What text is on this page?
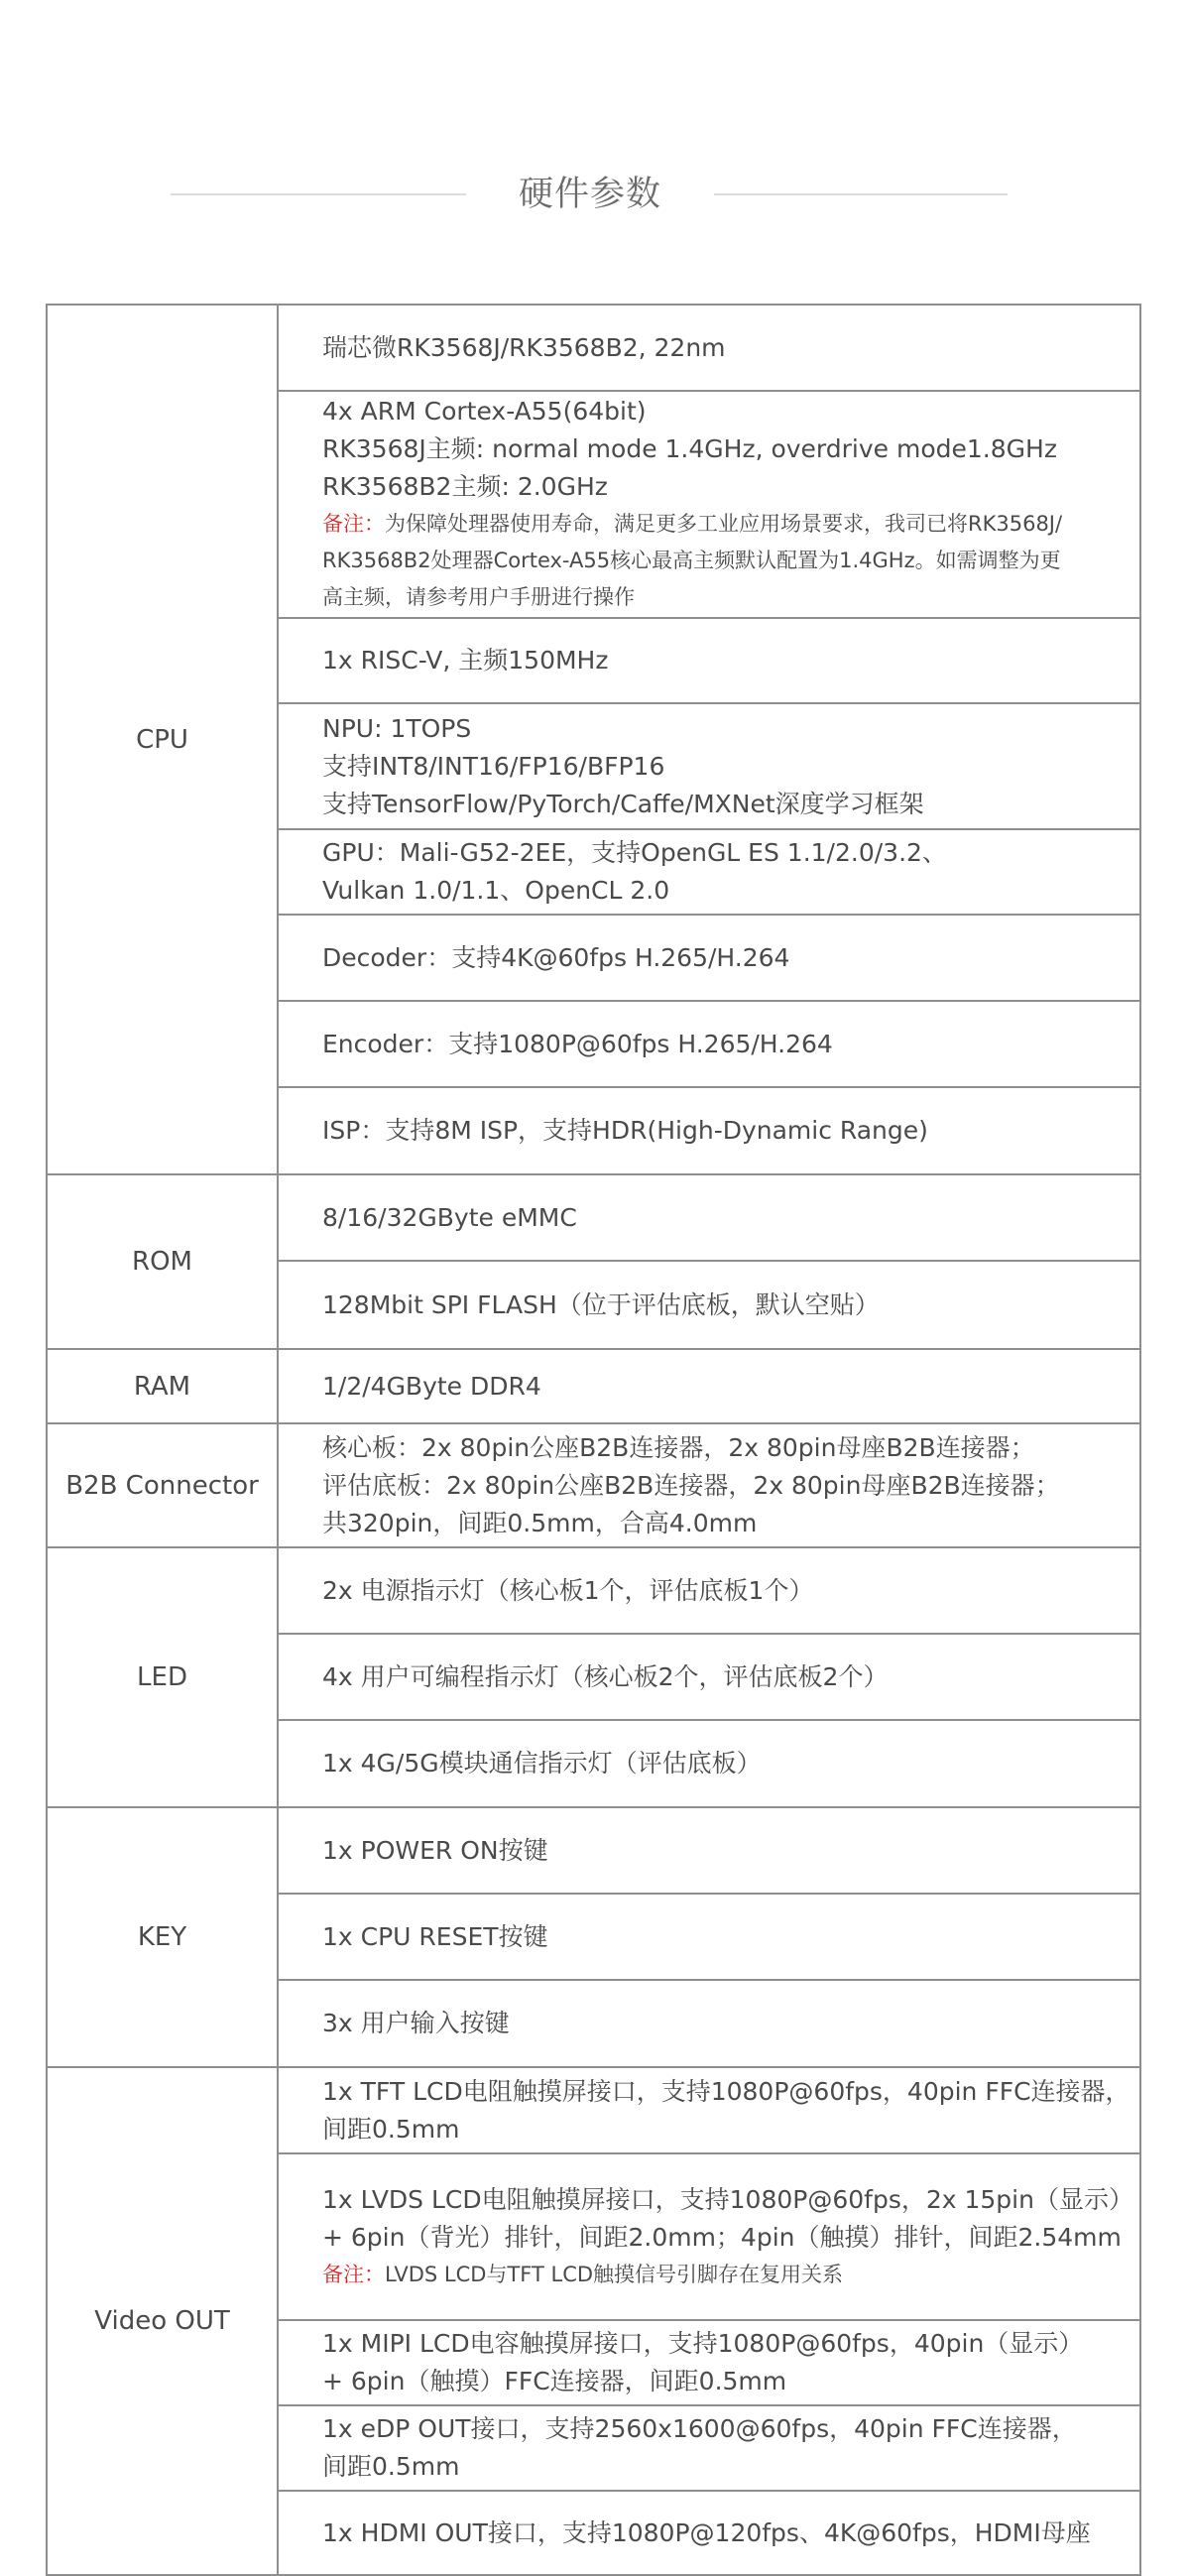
硬件参数
CPU
瑞芯微RK3568J/RK3568B2, 22nm
4x ARM Cortex-A55(64bit)
RK3568J主频: normal mode 1.4GHz, overdrive mode1.8GHz
RK3568B2主频: 2.0GHz
备注：为保障处理器使用寿命，满足更多工业应用场景要求，我司已将RK3568J/
RK3568B2处理器Cortex-A55核心最高主频默认配置为1.4GHz。如需调整为更
高主频，请参考用户手册进行操作
1x RISC-V, 主频150MHz
NPU: 1TOPS
支持INT8/INT16/FP16/BFP16
支持TensorFlow/PyTorch/Caffe/MXNet深度学习框架
GPU：Mali-G52-2EE，支持OpenGL ES 1.1/2.0/3.2、
Vulkan 1.0/1.1、OpenCL 2.0
Decoder：支持4K@60fps H.265/H.264
Encoder：支持1080P@60fps H.265/H.264
ISP：支持8M ISP，支持HDR(High-Dynamic Range)
ROM
8/16/32GByte eMMC
128Mbit SPI FLASH（位于评估底板，默认空贴）
RAM	1/2/4GByte DDR4
B2B Connector
核心板：2x 80pin公座B2B连接器，2x 80pin母座B2B连接器；
评估底板：2x 80pin公座B2B连接器，2x 80pin母座B2B连接器；
共320pin，间距0.5mm，合高4.0mm
LED
2x 电源指示灯（核心板1个，评估底板1个）
4x 用户可编程指示灯（核心板2个，评估底板2个）
1x 4G/5G模块通信指示灯（评估底板）
KEY
1x POWER ON按键
1x CPU RESET按键
3x 用户输入按键
Video OUT
1x TFT LCD电阻触摸屏接口，支持1080P@60fps，40pin FFC连接器，
间距0.5mm
1x LVDS LCD电阻触摸屏接口，支持1080P@60fps，2x 15pin（显示）
+ 6pin（背光）排针，间距2.0mm；4pin（触摸）排针，间距2.54mm
备注：LVDS LCD与TFT LCD触摸信号引脚存在复用关系
1x MIPI LCD电容触摸屏接口，支持1080P@60fps，40pin（显示）
+ 6pin（触摸）FFC连接器，间距0.5mm
1x eDP OUT接口，支持2560x1600@60fps，40pin FFC连接器，
间距0.5mm
1x HDMI OUT接口，支持1080P@120fps、4K@60fps，HDMI母座
